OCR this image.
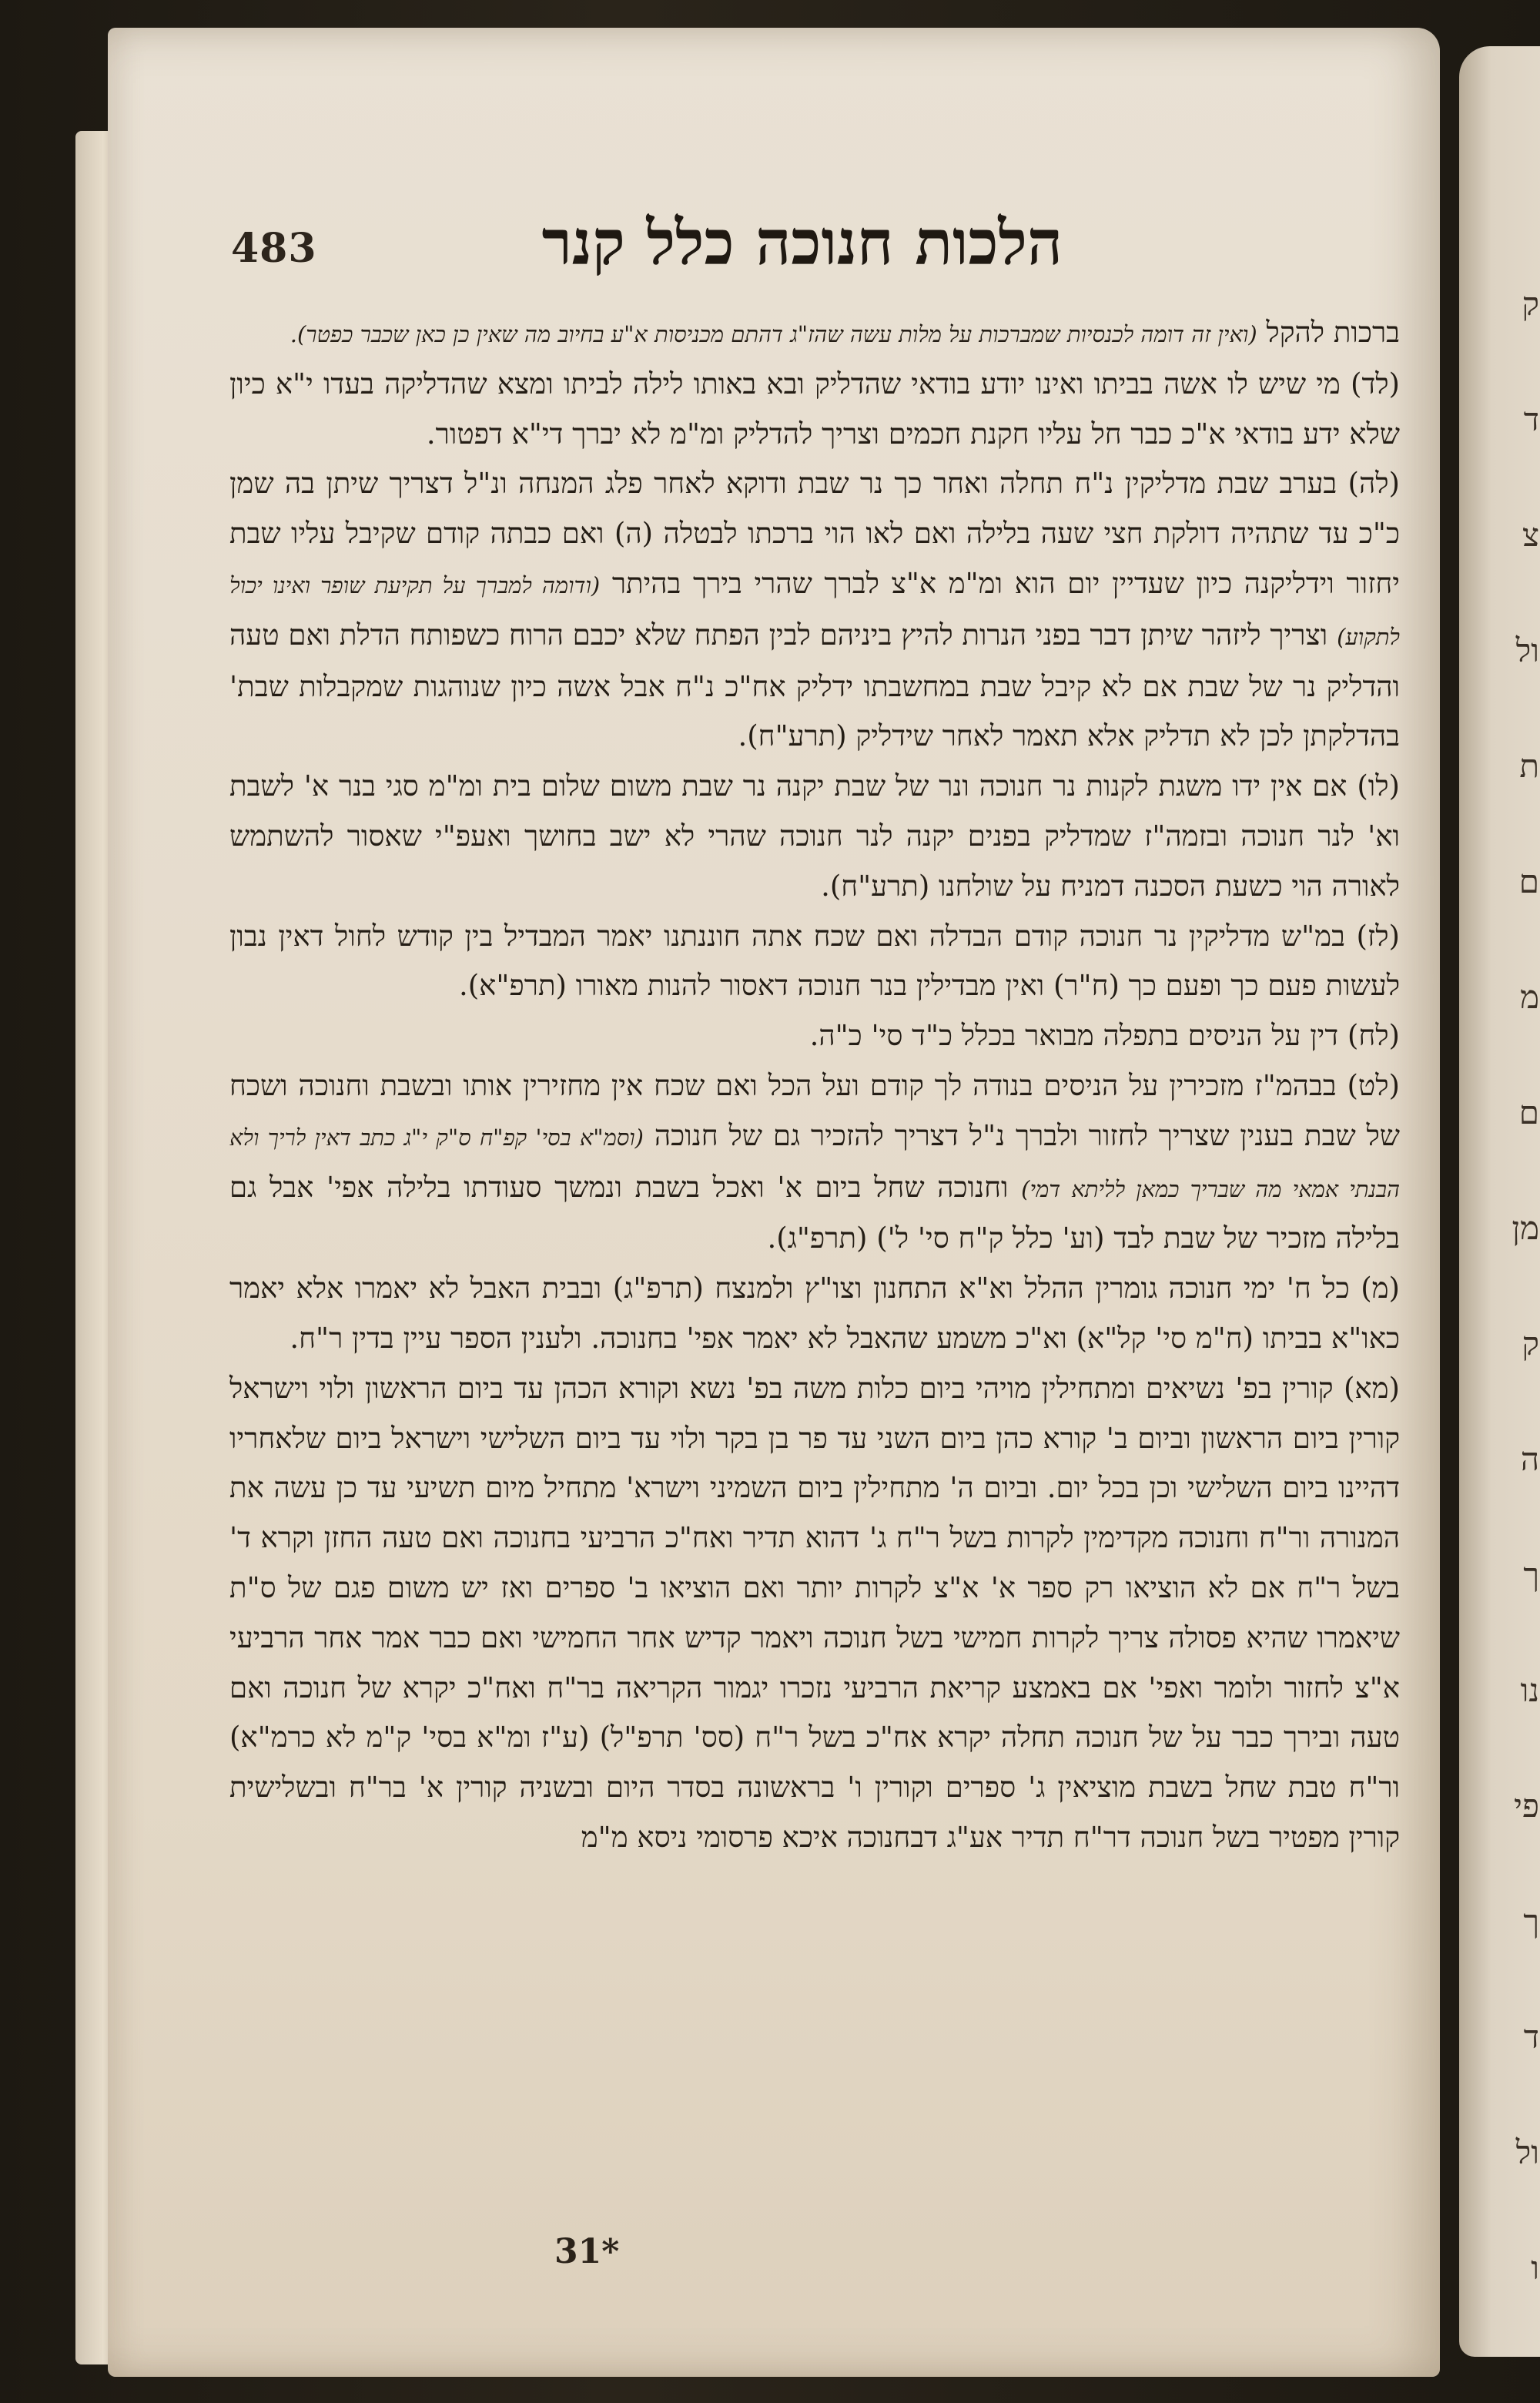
ק
ד
צ
ול
ת
ם
מ
ם
מן
ק
ה
ך
נו
פי
ך
ד
ול
ו
483	הלכות חנוכה כלל קנר

ברכות להקל (ואין זה דומה לכנסיות שמברכות על מלות עשה שהז"ג דהתם מכניסות א"ע בחיוב מה שאין כן כאן שכבר כפטר).

(לד) מי שיש לו אשה בביתו ואינו יודע בודאי שהדליק ובא באותו לילה לביתו ומצא שהדליקה בעדו י"א כיון שלא ידע בודאי א"כ כבר חל עליו חקנת חכמים וצריך להדליק ומ"מ לא יברך די"א דפטור.

(לה) בערב שבת מדליקין נ"ח תחלה ואחר כך נר שבת ודוקא לאחר פלג המנחה ונ"ל דצריך שיתן בה שמן כ"כ עד שתהיה דולקת חצי שעה בלילה ואם לאו הוי ברכתו לבטלה (ה) ואם כבתה קודם שקיבל עליו שבת יחזור וידליקנה כיון שעדיין יום הוא ומ"מ א"צ לברך שהרי בירך בהיתר (ודומה למברך על תקיעת שופר ואינו יכול לתקוע) וצריך ליזהר שיתן דבר בפני הנרות להיץ ביניהם לבין הפתח שלא יכבם הרוח כשפותח הדלת ואם טעה והדליק נר של שבת אם לא קיבל שבת במחשבתו ידליק אח"כ נ"ח אבל אשה כיון שנוהגות שמקבלות שבת' בהדלקתן לכן לא תדליק אלא תאמר לאחר שידליק (תרע"ח).

(לו) אם אין ידו משגת לקנות נר חנוכה ונר של שבת יקנה נר שבת משום שלום בית ומ"מ סגי בנר א' לשבת וא' לנר חנוכה ובזמה"ז שמדליק בפנים יקנה לנר חנוכה שהרי לא ישב בחושך ואעפ"י שאסור להשתמש לאורה הוי כשעת הסכנה דמניח על שולחנו (תרע"ח).

(לז) במ"ש מדליקין נר חנוכה קודם הבדלה ואם שכח אתה חוננתנו יאמר המבדיל בין קודש לחול דאין נבון לעשות פעם כך ופעם כך (ח"ר) ואין מבדילין בנר חנוכה דאסור להנות מאורו (תרפ"א).

(לח) דין על הניסים בתפלה מבואר בכלל כ"ד סי' כ"ה.

(לט) בבהמ"ז מזכירין על הניסים בנודה לך קודם ועל הכל ואם שכח אין מחזירין אותו ובשבת וחנוכה ושכח של שבת בענין שצריך לחזור ולברך נ"ל דצריך להזכיר גם של חנוכה (וסמ"א בסי' קפ"ח ס"ק י"ג כתב דאין לריך ולא הבנתי אמאי מה שבריך כמאן לליתא דמי) וחנוכה שחל ביום א' ואכל בשבת ונמשך סעודתו בלילה אפי' אבל גם בלילה מזכיר של שבת לבד (וע' כלל ק"ח סי' ל') (תרפ"ג).

(מ) כל ח' ימי חנוכה גומרין ההלל וא"א התחנון וצו"ץ ולמנצח (תרפ"ג) ובבית האבל לא יאמרו אלא יאמר כאו"א בביתו (ח"מ סי' קל"א) וא"כ משמע שהאבל לא יאמר אפי' בחנוכה. ולענין הספר עיין בדין ר"ח.

(מא) קורין בפ' נשיאים ומתחילין מויהי ביום כלות משה בפ' נשא וקורא הכהן עד ביום הראשון ולוי וישראל קורין ביום הראשון וביום ב' קורא כהן ביום השני עד פר בן בקר ולוי עד ביום השלישי וישראל ביום שלאחריו דהיינו ביום השלישי וכן בכל יום. וביום ה' מתחילין ביום השמיני וישרא' מתחיל מיום תשיעי עד כן עשה את המנורה ור"ח וחנוכה מקדימין לקרות בשל ר"ח ג' דהוא תדיר ואח"כ הרביעי בחנוכה ואם טעה החזן וקרא ד' בשל ר"ח אם לא הוציאו רק ספר א' א"צ לקרות יותר ואם הוציאו ב' ספרים ואז יש משום פגם של ס"ת שיאמרו שהיא פסולה צריך לקרות חמישי בשל חנוכה ויאמר קדיש אחר החמישי ואם כבר אמר אחר הרביעי א"צ לחזור ולומר ואפי' אם באמצע קריאת הרביעי נזכרו יגמור הקריאה בר"ח ואח"כ יקרא של חנוכה ואם טעה ובירך כבר על של חנוכה תחלה יקרא אח"כ בשל ר"ח (סס' תרפ"ל) (ע"ז ומ"א בסי' ק"מ לא כרמ"א) ור"ח טבת שחל בשבת מוציאין ג' ספרים וקורין ו' בראשונה בסדר היום ובשניה קורין א' בר"ח ובשלישית קורין מפטיר בשל חנוכה דר"ח תדיר אע"ג דבחנוכה איכא פרסומי ניסא מ"מ

31*
